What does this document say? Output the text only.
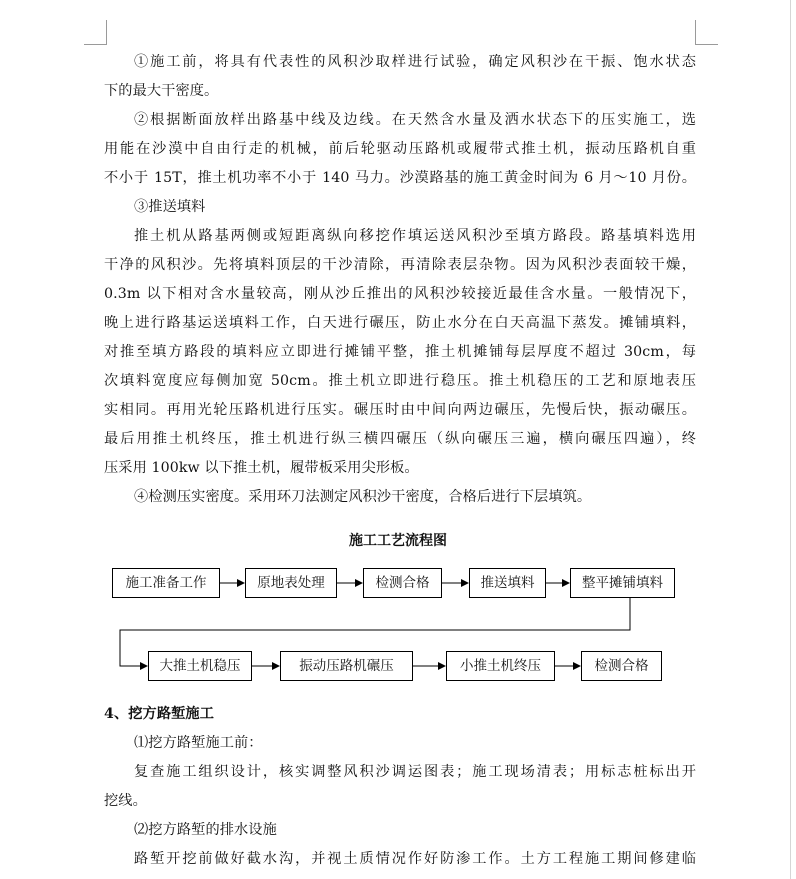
①施工前，将具有代表性的风积沙取样进行试验，确定风积沙在干振、饱水状态
下的最大干密度。
②根据断面放样出路基中线及边线。在天然含水量及洒水状态下的压实施工，选
用能在沙漠中自由行走的机械，前后轮驱动压路机或履带式推土机，振动压路机自重
不小于 15T，推土机功率不小于 140 马力。沙漠路基的施工黄金时间为 6 月～10 月份。
③推送填料
推土机从路基两侧或短距离纵向移挖作填运送风积沙至填方路段。路基填料选用
干净的风积沙。先将填料顶层的干沙清除，再清除表层杂物。因为风积沙表面较干燥，
0.3m 以下相对含水量较高，刚从沙丘推出的风积沙较接近最佳含水量。一般情况下，
晚上进行路基运送填料工作，白天进行碾压，防止水分在白天高温下蒸发。摊铺填料，
对推至填方路段的填料应立即进行摊铺平整，推土机摊铺每层厚度不超过 30cm，每
次填料宽度应每侧加宽 50cm。推土机立即进行稳压。推土机稳压的工艺和原地表压
实相同。再用光轮压路机进行压实。碾压时由中间向两边碾压，先慢后快，振动碾压。
最后用推土机终压，推土机进行纵三横四碾压（纵向碾压三遍，横向碾压四遍），终
压采用 100kw 以下推土机，履带板采用尖形板。
④检测压实密度。采用环刀法测定风积沙干密度，合格后进行下层填筑。
施工工艺流程图
施工准备工作	原地表处理	检测合格	推送填料	整平摊铺填料
大推土机稳压	振动压路机碾压	小推土机终压	检测合格
4、挖方路堑施工
⑴挖方路堑施工前：
复查施工组织设计，核实调整风积沙调运图表；施工现场清表；用标志桩标出开
挖线。
⑵挖方路堑的排水设施
路堑开挖前做好截水沟，并视土质情况作好防渗工作。土方工程施工期间修建临
